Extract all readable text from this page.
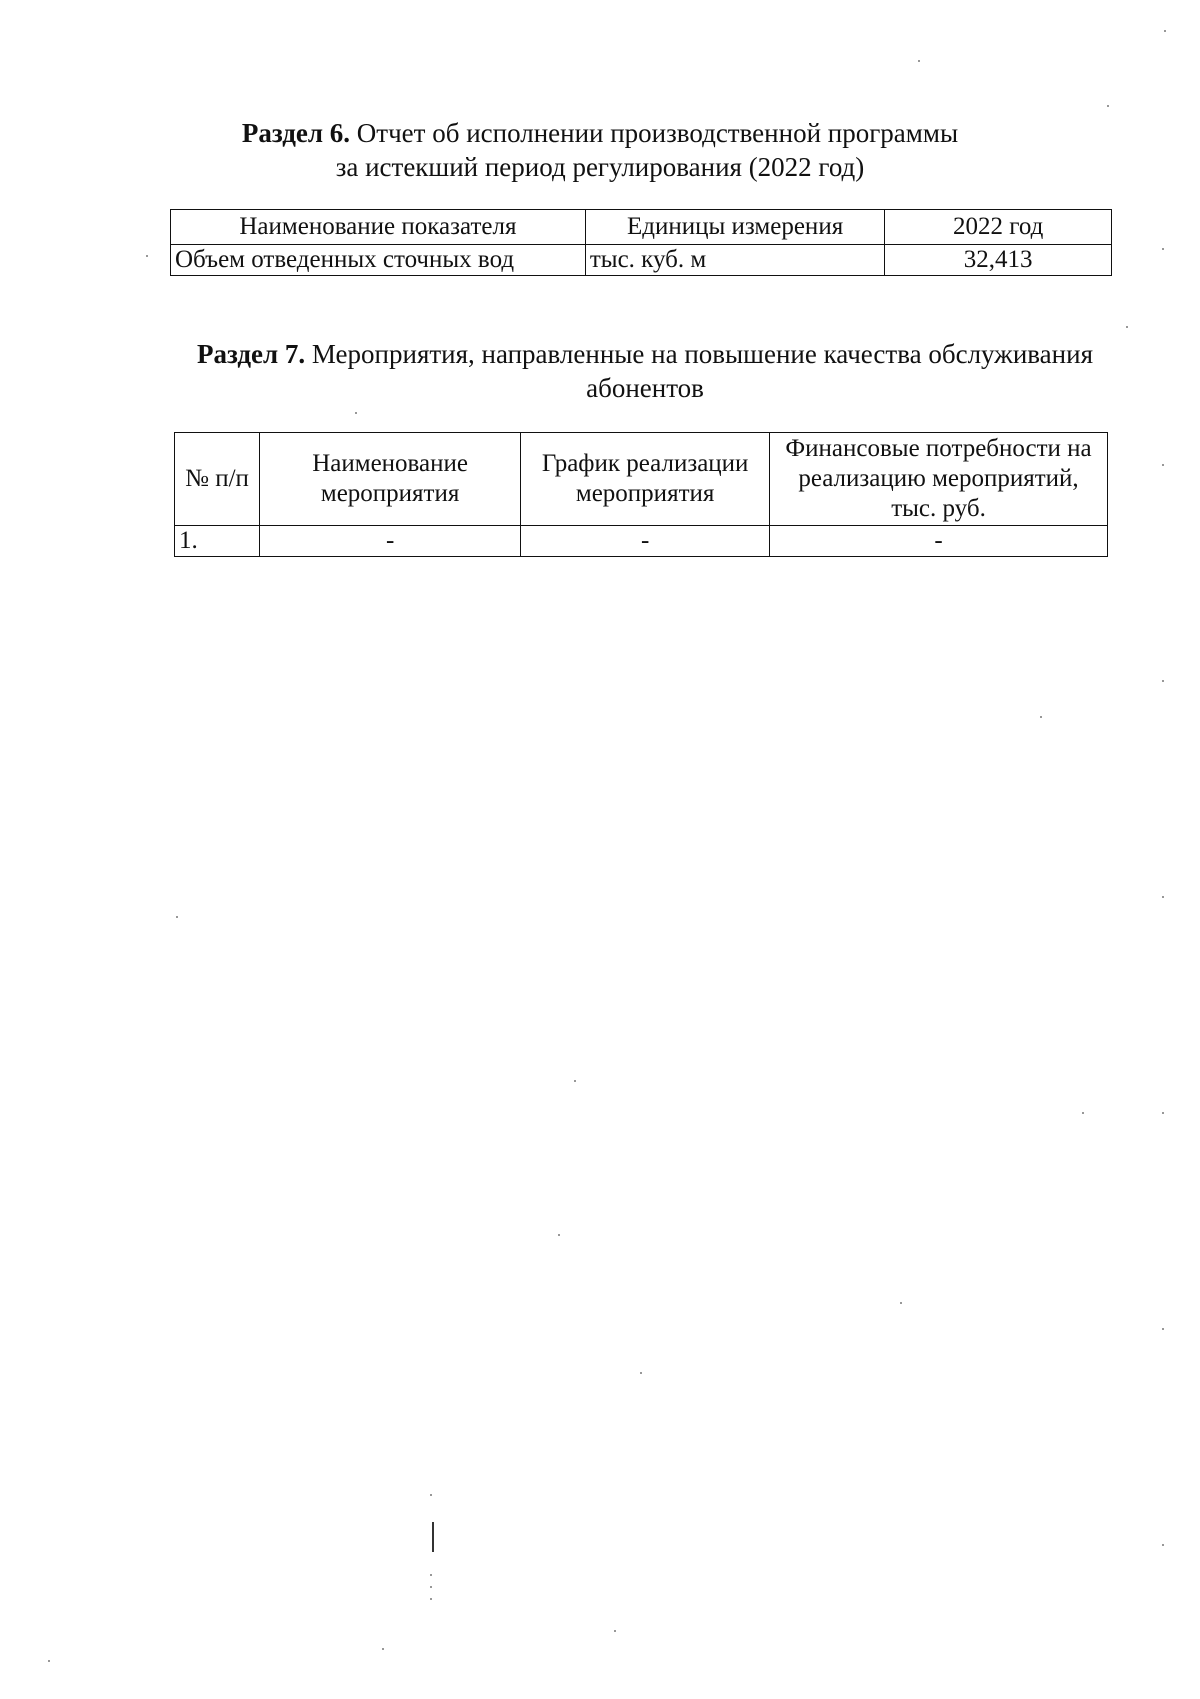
Раздел 6. Отчет об исполнении производственной программы
за истекший период регулирования (2022 год)
Наименование показателя	Единицы измерения	2022 год
Объем отведенных сточных вод	тыс. куб. м	32,413
Раздел 7. Мероприятия, направленные на повышение качества обслуживания
абонентов
№ п/п	Наименование мероприятия	График реализации мероприятия	Финансовые потребности на реализацию мероприятий, тыс. руб.
1.	-	-	-
